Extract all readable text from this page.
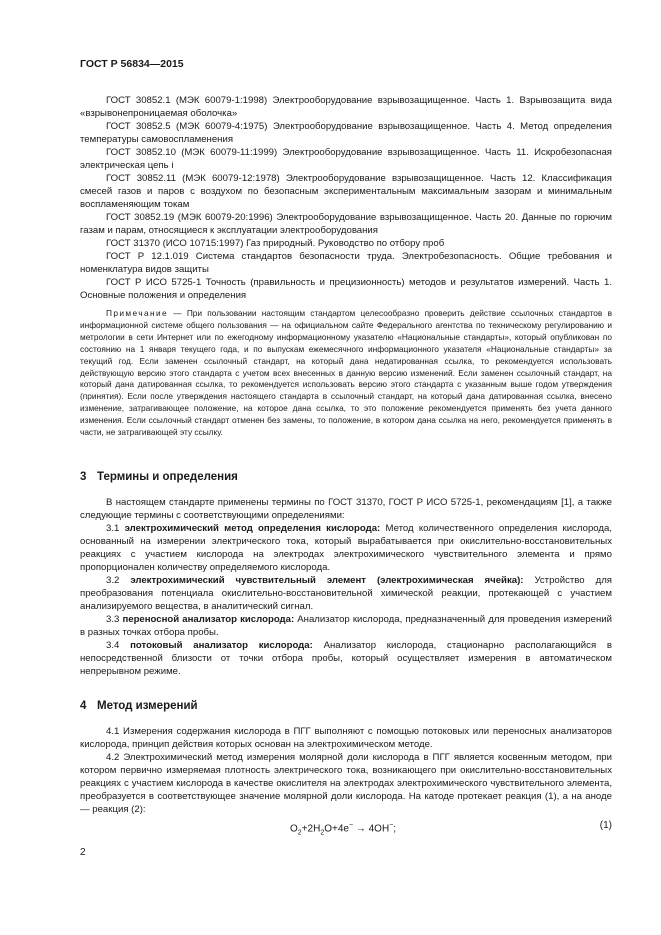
ГОСТ Р 56834—2015

ГОСТ 30852.1 (МЭК 60079-1:1998) Электрооборудование взрывозащищенное. Часть 1. Взрывозащита вида «взрывонепроницаемая оболочка»

ГОСТ 30852.5 (МЭК 60079-4:1975) Электрооборудование взрывозащищенное. Часть 4. Метод определения температуры самовоспламенения

ГОСТ 30852.10 (МЭК 60079-11:1999) Электрооборудование взрывозащищенное. Часть 11. Искробезопасная электрическая цепь i

ГОСТ 30852.11 (МЭК 60079-12:1978) Электрооборудование взрывозащищенное. Часть 12. Классификация смесей газов и паров с воздухом по безопасным экспериментальным максимальным зазорам и минимальным воспламеняющим токам

ГОСТ 30852.19 (МЭК 60079-20:1996) Электрооборудование взрывозащищенное. Часть 20. Данные по горючим газам и парам, относящиеся к эксплуатации электрооборудования

ГОСТ 31370 (ИСО 10715:1997) Газ природный. Руководство по отбору проб

ГОСТ Р 12.1.019 Система стандартов безопасности труда. Электробезопасность. Общие требования и номенклатура видов защиты

ГОСТ Р ИСО 5725-1 Точность (правильность и прецизионность) методов и результатов измерений. Часть 1. Основные положения и определения

Примечание — При пользовании настоящим стандартом целесообразно проверить действие ссылочных стандартов в информационной системе общего пользования — на официальном сайте Федерального агентства по техническому регулированию и метрологии в сети Интернет или по ежегодному информационному указателю «Национальные стандарты», который опубликован по состоянию на 1 января текущего года, и по выпускам ежемесячного информационного указателя «Национальные стандарты» за текущий год. Если заменен ссылочный стандарт, на который дана недатированная ссылка, то рекомендуется использовать действующую версию этого стандарта с учетом всех внесенных в данную версию изменений. Если заменен ссылочный стандарт, на который дана датированная ссылка, то рекомендуется использовать версию этого стандарта с указанным выше годом утверждения (принятия). Если после утверждения настоящего стандарта в ссылочный стандарт, на который дана датированная ссылка, внесено изменение, затрагивающее положение, на которое дана ссылка, то это положение рекомендуется применять без учета данного изменения. Если ссылочный стандарт отменен без замены, то положение, в котором дана ссылка на него, рекомендуется применять в части, не затрагивающей эту ссылку.

3 Термины и определения

В настоящем стандарте применены термины по ГОСТ 31370, ГОСТ Р ИСО 5725-1, рекомендациям [1], а также следующие термины с соответствующими определениями:

3.1 электрохимический метод определения кислорода: Метод количественного определения кислорода, основанный на измерении электрического тока, который вырабатывается при окислительно-восстановительных реакциях с участием кислорода на электродах электрохимического чувствительного элемента и прямо пропорционален количеству определяемого кислорода.

3.2 электрохимический чувствительный элемент (электрохимическая ячейка): Устройство для преобразования потенциала окислительно-восстановительной химической реакции, протекающей с участием анализируемого вещества, в аналитический сигнал.

3.3 переносной анализатор кислорода: Анализатор кислорода, предназначенный для проведения измерений в разных точках отбора пробы.

3.4 потоковый анализатор кислорода: Анализатор кислорода, стационарно располагающийся в непосредственной близости от точки отбора пробы, который осуществляет измерения в автоматическом непрерывном режиме.

4 Метод измерений

4.1 Измерения содержания кислорода в ПГГ выполняют с помощью потоковых или переносных анализаторов кислорода, принцип действия которых основан на электрохимическом методе.

4.2 Электрохимический метод измерения молярной доли кислорода в ПГГ является косвенным методом, при котором первично измеряемая плотность электрического тока, возникающего при окислительно-восстановительных реакциях с участием кислорода в качестве окислителя на электродах электрохимического чувствительного элемента, преобразуется в соответствующее значение молярной доли кислорода. На катоде протекает реакция (1), а на аноде — реакция (2):

$O_2+2H_2O+4e^- \to 4OH^-$;	(1)
2
